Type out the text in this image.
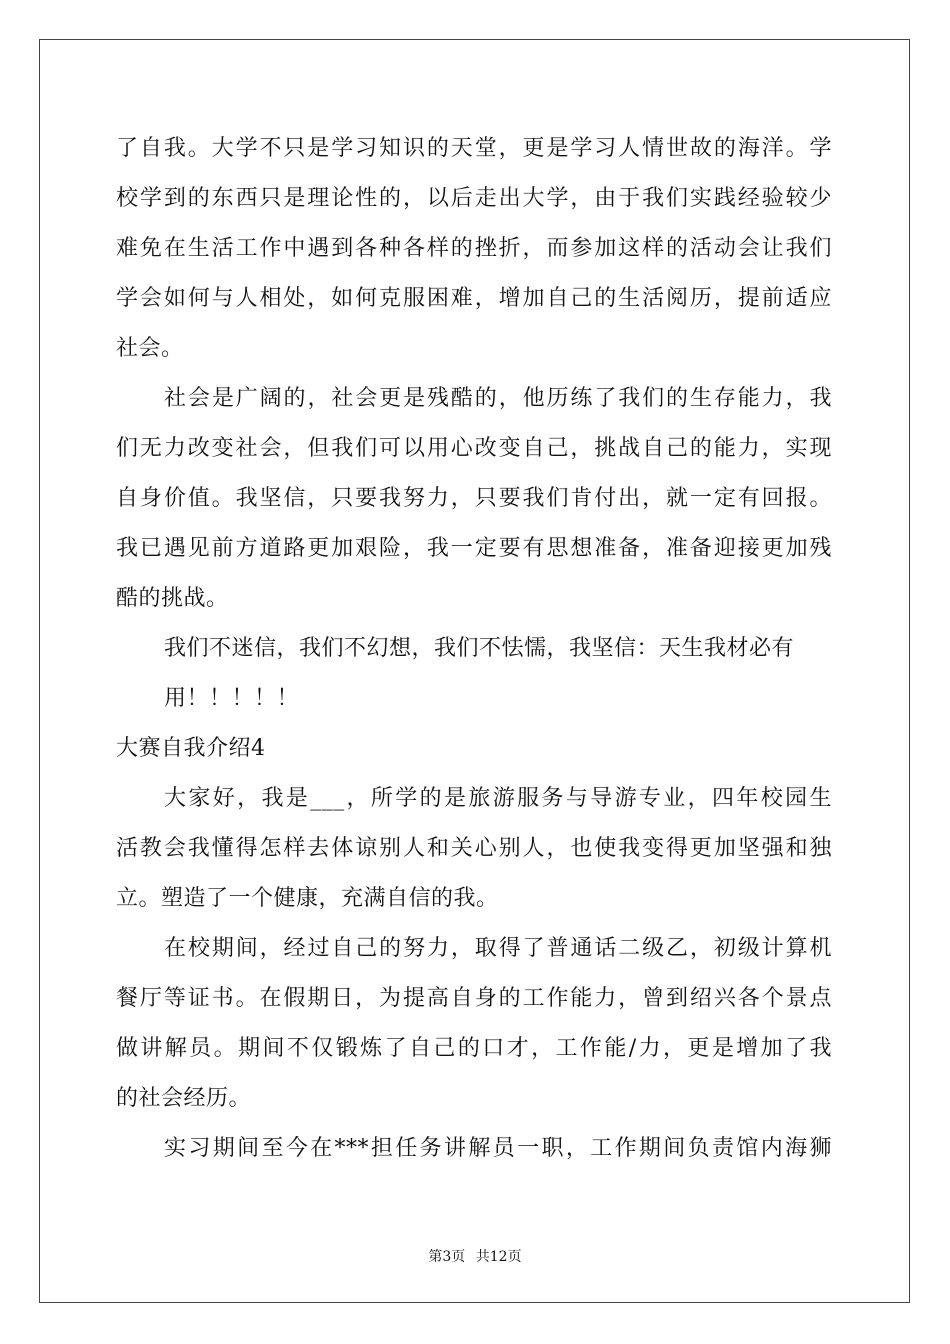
了自我。大学不只是学习知识的天堂，更是学习人情世故的海洋。学
校学到的东西只是理论性的，以后走出大学，由于我们实践经验较少
难免在生活工作中遇到各种各样的挫折，而参加这样的活动会让我们
学会如何与人相处，如何克服困难，增加自己的生活阅历，提前适应
社会。
社会是广阔的，社会更是残酷的，他历练了我们的生存能力，我
们无力改变社会，但我们可以用心改变自己，挑战自己的能力，实现
自身价值。我坚信，只要我努力，只要我们肯付出，就一定有回报。
我已遇见前方道路更加艰险，我一定要有思想准备，准备迎接更加残
酷的挑战。
我们不迷信，我们不幻想，我们不怯懦，我坚信：天生我材必有
用！！！！！
大赛自我介绍4
大家好，我是___，所学的是旅游服务与导游专业，四年校园生
活教会我懂得怎样去体谅别人和关心别人，也使我变得更加坚强和独
立。塑造了一个健康，充满自信的我。
在校期间，经过自己的努力，取得了普通话二级乙，初级计算机
餐厅等证书。在假期日，为提高自身的工作能力，曾到绍兴各个景点
做讲解员。期间不仅锻炼了自己的口才，工作能/力，更是增加了我
的社会经历。
实习期间至今在***担任务讲解员一职，工作期间负责馆内海狮
第3页 共12页
